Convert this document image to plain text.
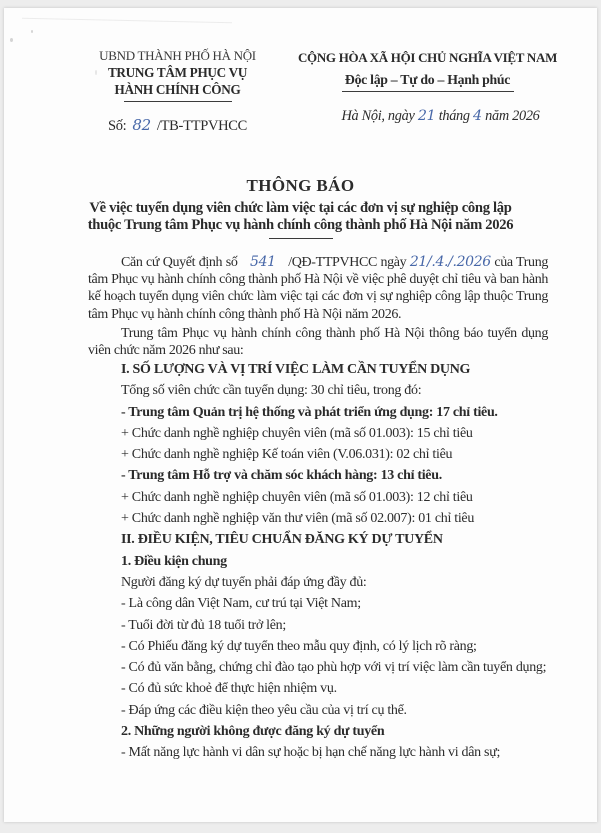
UBND THÀNH PHỐ HÀ NỘI
TRUNG TÂM PHỤC VỤ
HÀNH CHÍNH CÔNG
Số: 82 /TB-TTPVHCC
CỘNG HÒA XÃ HỘI CHỦ NGHĨA VIỆT NAM
Độc lập – Tự do – Hạnh phúc
Hà Nội, ngày 21 tháng 4 năm 2026
THÔNG BÁO
Về việc tuyển dụng viên chức làm việc tại các đơn vị sự nghiệp công lập
thuộc Trung tâm Phục vụ hành chính công thành phố Hà Nội năm 2026

Căn cứ Quyết định số 541 /QĐ-TTPVHCC ngày 21/.4./.2026 của Trung tâm Phục vụ hành chính công thành phố Hà Nội về việc phê duyệt chỉ tiêu và ban hành kế hoạch tuyển dụng viên chức làm việc tại các đơn vị sự nghiệp công lập thuộc Trung tâm Phục vụ hành chính công thành phố Hà Nội năm 2026.

Trung tâm Phục vụ hành chính công thành phố Hà Nội thông báo tuyển dụng viên chức năm 2026 như sau:

I. SỐ LƯỢNG VÀ VỊ TRÍ VIỆC LÀM CẦN TUYỂN DỤNG
Tổng số viên chức cần tuyển dụng: 30 chỉ tiêu, trong đó:
- Trung tâm Quản trị hệ thống và phát triển ứng dụng: 17 chỉ tiêu.
+ Chức danh nghề nghiệp chuyên viên (mã số 01.003): 15 chỉ tiêu
+ Chức danh nghề nghiệp Kế toán viên (V.06.031): 02 chỉ tiêu
- Trung tâm Hỗ trợ và chăm sóc khách hàng: 13 chỉ tiêu.
+ Chức danh nghề nghiệp chuyên viên (mã số 01.003): 12 chỉ tiêu
+ Chức danh nghề nghiệp văn thư viên (mã số 02.007): 01 chỉ tiêu
II. ĐIỀU KIỆN, TIÊU CHUẨN ĐĂNG KÝ DỰ TUYỂN
1. Điều kiện chung
Người đăng ký dự tuyển phải đáp ứng đầy đủ:
- Là công dân Việt Nam, cư trú tại Việt Nam;
- Tuổi đời từ đủ 18 tuổi trở lên;
- Có Phiếu đăng ký dự tuyển theo mẫu quy định, có lý lịch rõ ràng;
- Có đủ văn bằng, chứng chỉ đào tạo phù hợp với vị trí việc làm cần tuyển dụng;
- Có đủ sức khoẻ để thực hiện nhiệm vụ.
- Đáp ứng các điều kiện theo yêu cầu của vị trí cụ thể.
2. Những người không được đăng ký dự tuyển
- Mất năng lực hành vi dân sự hoặc bị hạn chế năng lực hành vi dân sự;
